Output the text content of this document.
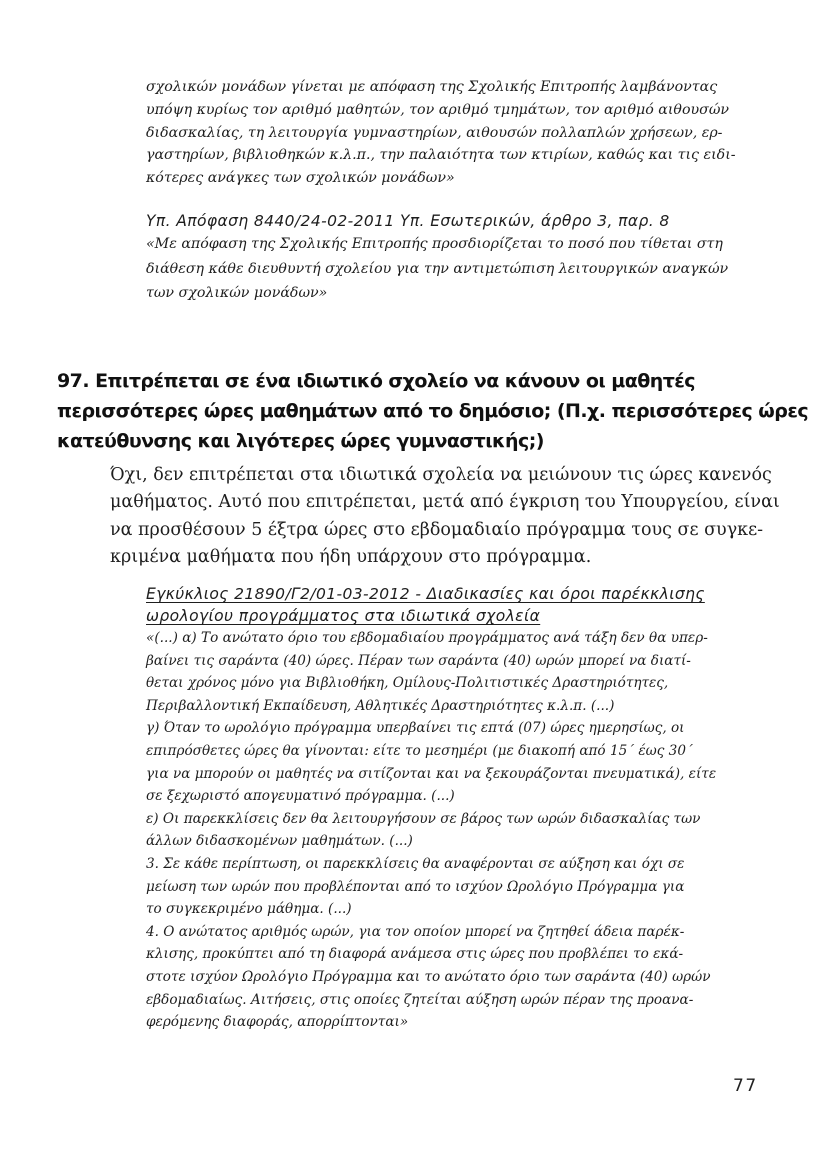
σχολικών μονάδων γίνεται με απόφαση της Σχολικής Επιτροπής λαμβάνοντας
υπόψη κυρίως τον αριθμό μαθητών, τον αριθμό τμημάτων, τον αριθμό αιθουσών
διδασκαλίας, τη λειτουργία γυμναστηρίων, αιθουσών πολλαπλών χρήσεων, ερ-
γαστηρίων, βιβλιοθηκών κ.λ.π., την παλαιότητα των κτιρίων, καθώς και τις ειδι-
κότερες ανάγκες των σχολικών μονάδων»
Υπ. Απόφαση 8440/24-02-2011 Υπ. Εσωτερικών, άρθρο 3, παρ. 8
«Με απόφαση της Σχολικής Επιτροπής προσδιορίζεται το ποσό που τίθεται στη
διάθεση κάθε διευθυντή σχολείου για την αντιμετώπιση λειτουργικών αναγκών
των σχολικών μονάδων»
97. Επιτρέπεται σε ένα ιδιωτικό σχολείο να κάνουν οι μαθητές
περισσότερες ώρες μαθημάτων από το δημόσιο; (Π.χ. περισσότερες ώρες
κατεύθυνσης και λιγότερες ώρες γυμναστικής;)
Όχι, δεν επιτρέπεται στα ιδιωτικά σχολεία να μειώνουν τις ώρες κανενός
μαθήματος. Αυτό που επιτρέπεται, μετά από έγκριση του Υπουργείου, είναι
να προσθέσουν 5 έξτρα ώρες στο εβδομαδιαίο πρόγραμμα τους σε συγκε-
κριμένα μαθήματα που ήδη υπάρχουν στο πρόγραμμα.
Εγκύκλιος 21890/Γ2/01-03-2012 - Διαδικασίες και όροι παρέκκλισης
ωρολογίου προγράμματος στα ιδιωτικά σχολεία
«(...) α) Το ανώτατο όριο του εβδομαδιαίου προγράμματος ανά τάξη δεν θα υπερ-
βαίνει τις σαράντα (40) ώρες. Πέραν των σαράντα (40) ωρών μπορεί να διατί-
θεται χρόνος μόνο για Βιβλιοθήκη, Ομίλους-Πολιτιστικές Δραστηριότητες,
Περιβαλλοντική Εκπαίδευση, Αθλητικές Δραστηριότητες κ.λ.π. (...)
γ) Όταν το ωρολόγιο πρόγραμμα υπερβαίνει τις επτά (07) ώρες ημερησίως, οι
επιπρόσθετες ώρες θα γίνονται: είτε το μεσημέρι (με διακοπή από 15΄ έως 30΄
για να μπορούν οι μαθητές να σιτίζονται και να ξεκουράζονται πνευματικά), είτε
σε ξεχωριστό απογευματινό πρόγραμμα. (...)
ε) Οι παρεκκλίσεις δεν θα λειτουργήσουν σε βάρος των ωρών διδασκαλίας των
άλλων διδασκομένων μαθημάτων. (...)
3. Σε κάθε περίπτωση, οι παρεκκλίσεις θα αναφέρονται σε αύξηση και όχι σε
μείωση των ωρών που προβλέπονται από το ισχύον Ωρολόγιο Πρόγραμμα για
το συγκεκριμένο μάθημα. (...)
4. Ο ανώτατος αριθμός ωρών, για τον οποίον μπορεί να ζητηθεί άδεια παρέκ-
κλισης, προκύπτει από τη διαφορά ανάμεσα στις ώρες που προβλέπει το εκά-
στοτε ισχύον Ωρολόγιο Πρόγραμμα και το ανώτατο όριο των σαράντα (40) ωρών
εβδομαδιαίως. Αιτήσεις, στις οποίες ζητείται αύξηση ωρών πέραν της προανα-
φερόμενης διαφοράς, απορρίπτονται»
77
